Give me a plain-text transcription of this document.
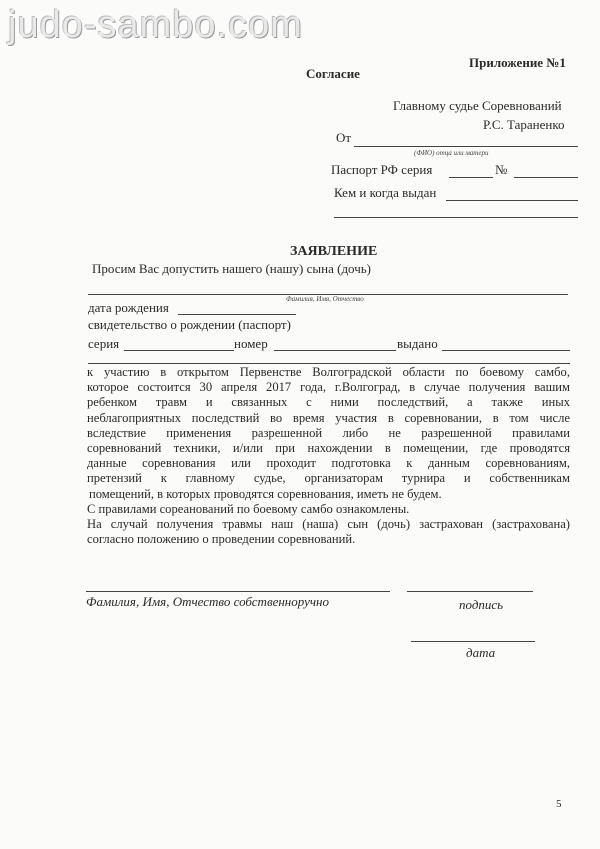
judo-sambo.com
Приложение №1
Согласие
Главному судье Соревнований
Р.С. Тараненко
От
(ФИО) отца или матери
Паспорт РФ серия	№
Кем и когда выдан
ЗАЯВЛЕНИЕ
Просим Вас допустить нашего (нашу) сына (дочь)
Фамилия, Имя, Отчество
дата рождения
свидетельство о рождении (паспорт)
серия	номер	выдано
к участию в открытом Первенстве Волгоградской области по боевому самбо,
которое состоится 30 апреля 2017 года, г.Волгоград, в случае получения вашим
ребенком травм и связанных с ними последствий, а также иных
неблагоприятных последствий во время участия в соревновании, в том числе
вследствие применения разрешенной либо не разрешенной правилами
соревнований техники, и/или при нахождении в помещении, где проводятся
данные соревнования или проходит подготовка к данным соревнованиям,
претензий к главному судье, организаторам турнира и собственникам
помещений, в которых проводятся соревнования, иметь не будем.
С правилами сореанований по боевому самбо ознакомлены.
На случай получения травмы наш (наша) сын (дочь) застрахован (застрахована)
согласно положению о проведении соревнований.
Фамилия, Имя, Отчество собственноручно	подпись
дата
5
